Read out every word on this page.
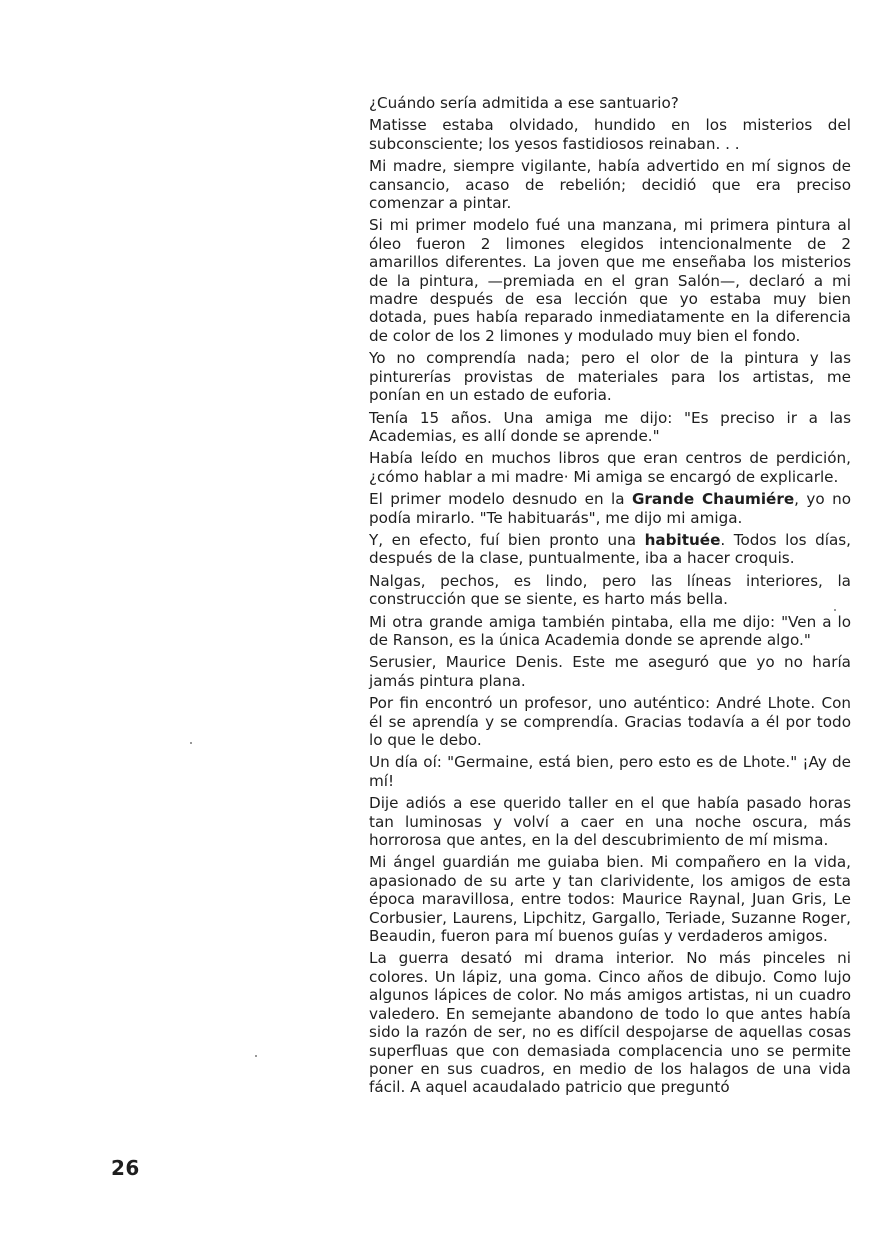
¿Cuándo sería admitida a ese santuario?

Matisse estaba olvidado, hundido en los misterios del subconsciente; los yesos fastidiosos reinaban. . .

Mi madre, siempre vigilante, había advertido en mí signos de cansancio, acaso de rebelión; decidió que era preciso comenzar a pintar.

Si mi primer modelo fué una manzana, mi primera pintura al óleo fueron 2 limones elegidos intencionalmente de 2 amarillos diferentes. La joven que me enseñaba los misterios de la pintura, —premiada en el gran Salón—, declaró a mi madre después de esa lección que yo estaba muy bien dotada, pues había reparado inmediatamente en la diferencia de color de los 2 limones y modulado muy bien el fondo.

Yo no comprendía nada; pero el olor de la pintura y las pinturerías provistas de materiales para los artistas, me ponían en un estado de euforia.

Tenía 15 años. Una amiga me dijo: "Es preciso ir a las Academias, es allí donde se aprende."

Había leído en muchos libros que eran centros de perdición, ¿cómo hablar a mi madre· Mi amiga se encargó de explicarle.

El primer modelo desnudo en la Grande Chaumiére, yo no podía mirarlo. "Te habituarás", me dijo mi amiga.

Y, en efecto, fuí bien pronto una habituée. Todos los días, después de la clase, puntualmente, iba a hacer croquis.

Nalgas, pechos, es lindo, pero las líneas interiores, la construcción que se siente, es harto más bella.

Mi otra grande amiga también pintaba, ella me dijo: "Ven a lo de Ranson, es la única Academia donde se aprende algo."

Serusier, Maurice Denis. Este me aseguró que yo no haría jamás pintura plana.

Por fin encontró un profesor, uno auténtico: André Lhote. Con él se aprendía y se comprendía. Gracias todavía a él por todo lo que le debo.

Un día oí: "Germaine, está bien, pero esto es de Lhote." ¡Ay de mí!

Dije adiós a ese querido taller en el que había pasado horas tan luminosas y volví a caer en una noche oscura, más horrorosa que antes, en la del descubrimiento de mí misma.

Mi ángel guardián me guiaba bien. Mi compañero en la vida, apasionado de su arte y tan clarividente, los amigos de esta época maravillosa, entre todos: Maurice Raynal, Juan Gris, Le Corbusier, Laurens, Lipchitz, Gargallo, Teriade, Suzanne Roger, Beaudin, fueron para mí buenos guías y verdaderos amigos.

La guerra desató mi drama interior. No más pinceles ni colores. Un lápiz, una goma. Cinco años de dibujo. Como lujo algunos lápices de color. No más amigos artistas, ni un cuadro valedero. En semejante abandono de todo lo que antes había sido la razón de ser, no es difícil despojarse de aquellas cosas superfluas que con demasiada complacencia uno se permite poner en sus cuadros, en medio de los halagos de una vida fácil. A aquel acaudalado patricio que preguntó

26
